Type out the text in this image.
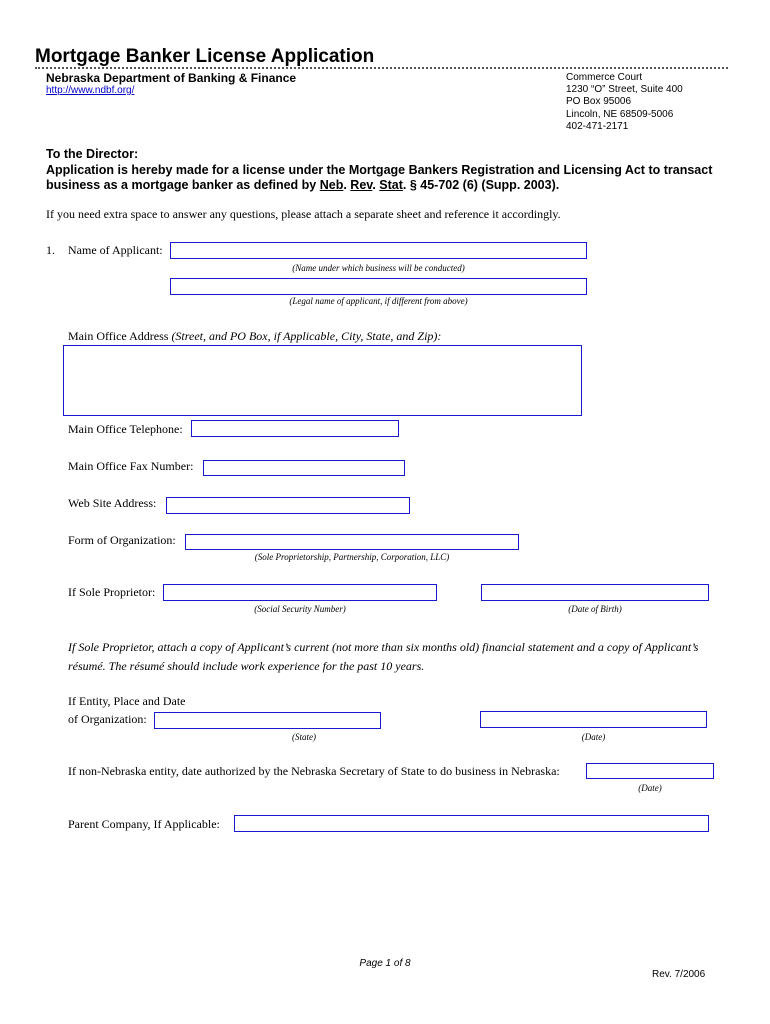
Mortgage Banker License Application
Nebraska Department of Banking & Finance
http://www.ndbf.org/
Commerce Court
1230 “O” Street, Suite 400
PO Box 95006
Lincoln, NE 68509-5006
402-471-2171
To the Director:
Application is hereby made for a license under the Mortgage Bankers Registration and Licensing Act to transact business as a mortgage banker as defined by Neb. Rev. Stat. § 45-702 (6) (Supp. 2003).
If you need extra space to answer any questions, please attach a separate sheet and reference it accordingly.
1. Name of Applicant:
(Name under which business will be conducted)
(Legal name of applicant, if different from above)
Main Office Address (Street, and PO Box, if Applicable, City, State, and Zip):
Main Office Telephone:
Main Office Fax Number:
Web Site Address:
Form of Organization:
(Sole Proprietorship, Partnership, Corporation, LLC)
If Sole Proprietor:
(Social Security Number)	(Date of Birth)
If Sole Proprietor, attach a copy of Applicant’s current (not more than six months old) financial statement and a copy of Applicant’s résumé. The résumé should include work experience for the past 10 years.
If Entity, Place and Date
of Organization:
(State)	(Date)
If non-Nebraska entity, date authorized by the Nebraska Secretary of State to do business in Nebraska:
(Date)
Parent Company, If Applicable:
Page 1 of 8
Rev. 7/2006
